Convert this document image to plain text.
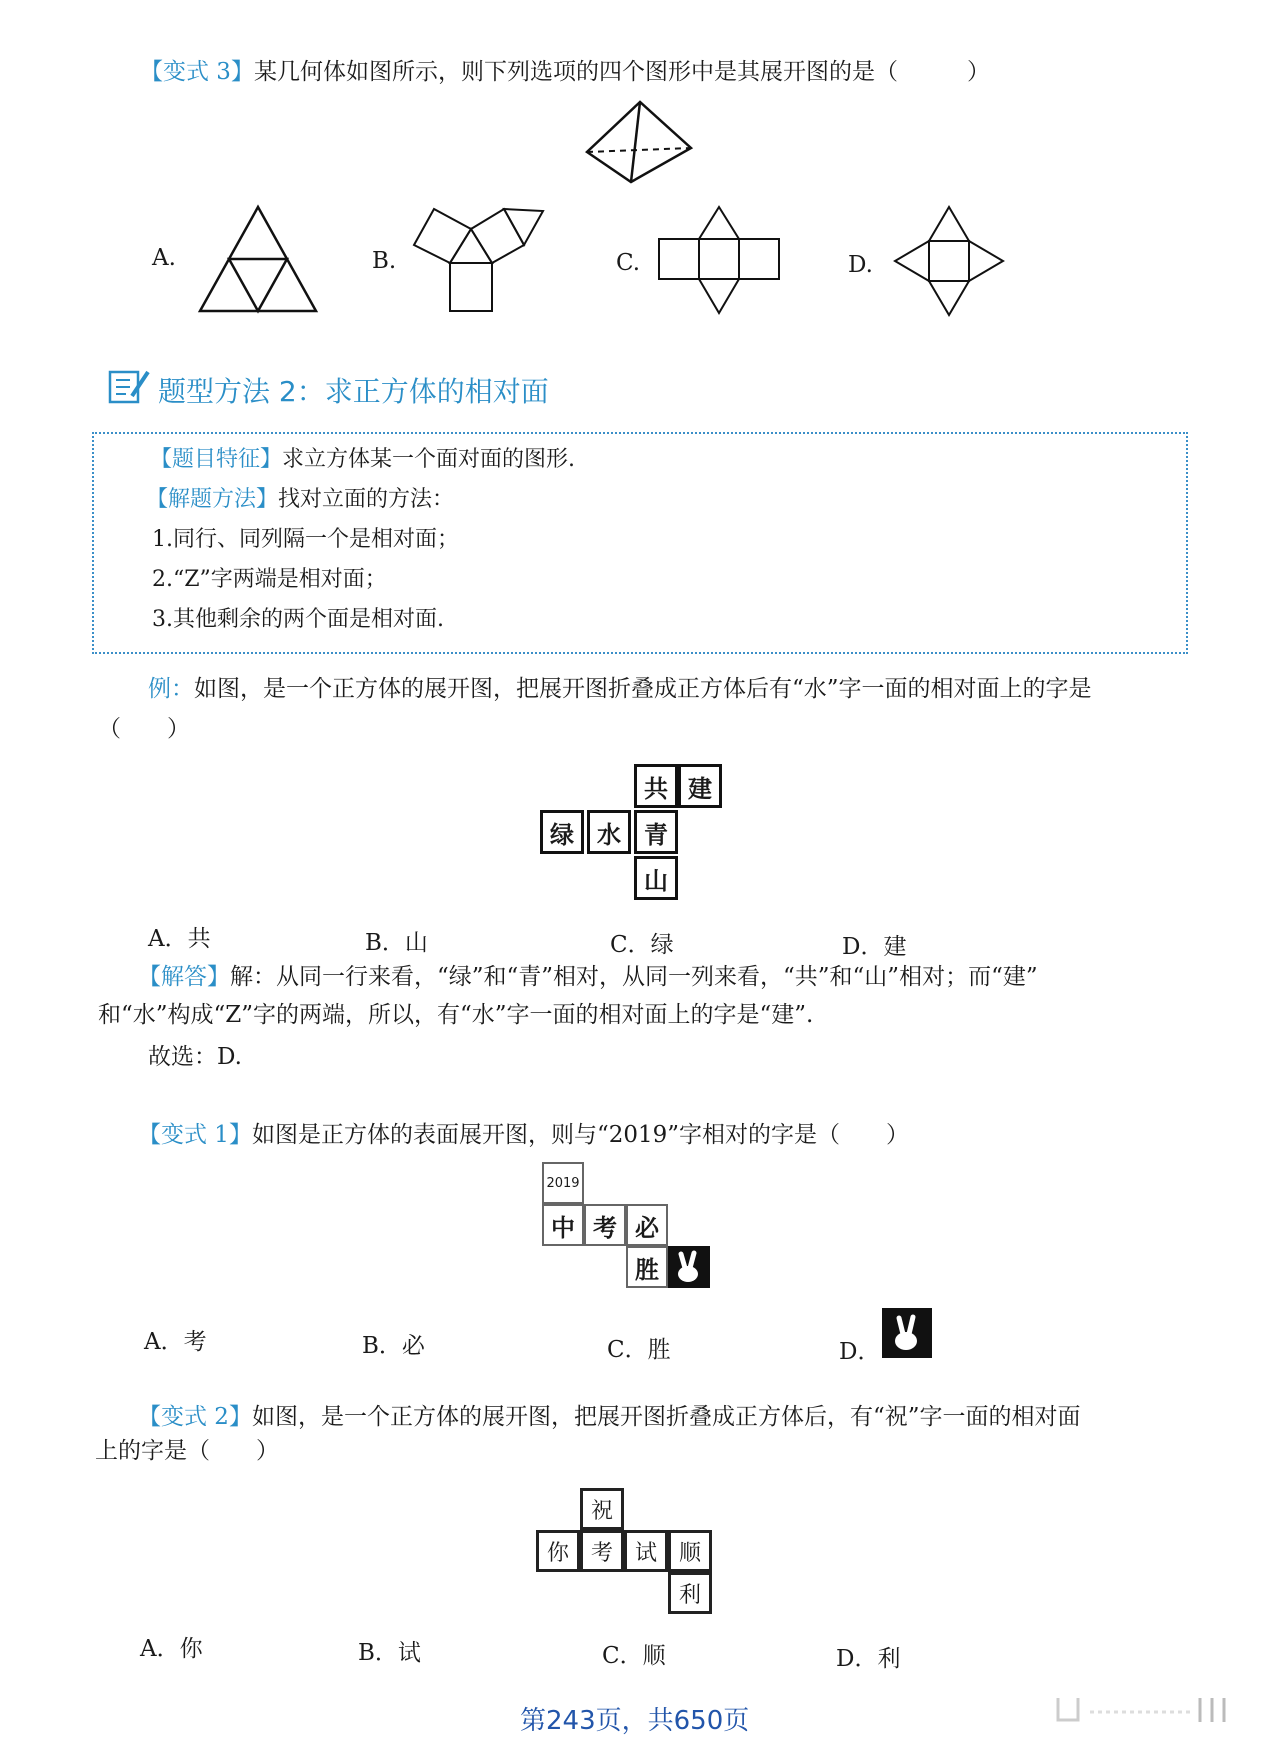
【变式 3】某几何体如图所示，则下列选项的四个图形中是其展开图的是（　　　）
A.	B.	C.	D.
题型方法 2：求正方体的相对面
【题目特征】求立方体某一个面对面的图形.
【解题方法】找对立面的方法：
1.同行、同列隔一个是相对面；
2.“Z”字两端是相对面；
3.其他剩余的两个面是相对面.
例：如图，是一个正方体的展开图，把展开图折叠成正方体后有“水”字一面的相对面上的字是
（　　）
共 建
绿 水 青
山
A．共	B．山	C．绿	D．建
【解答】解：从同一行来看，“绿”和“青”相对，从同一列来看，“共”和“山”相对；而“建”
和“水”构成“Z”字的两端，所以，有“水”字一面的相对面上的字是“建”.
故选：D.
【变式 1】如图是正方体的表面展开图，则与“2019”字相对的字是（　　）
2019
中 考 必
胜
A．考	B．必	C．胜	D．
【变式 2】如图，是一个正方体的展开图，把展开图折叠成正方体后，有“祝”字一面的相对面
上的字是（　　）
祝
你 考 试 顺
利
A．你	B．试	C．顺	D．利
第243页，共650页
